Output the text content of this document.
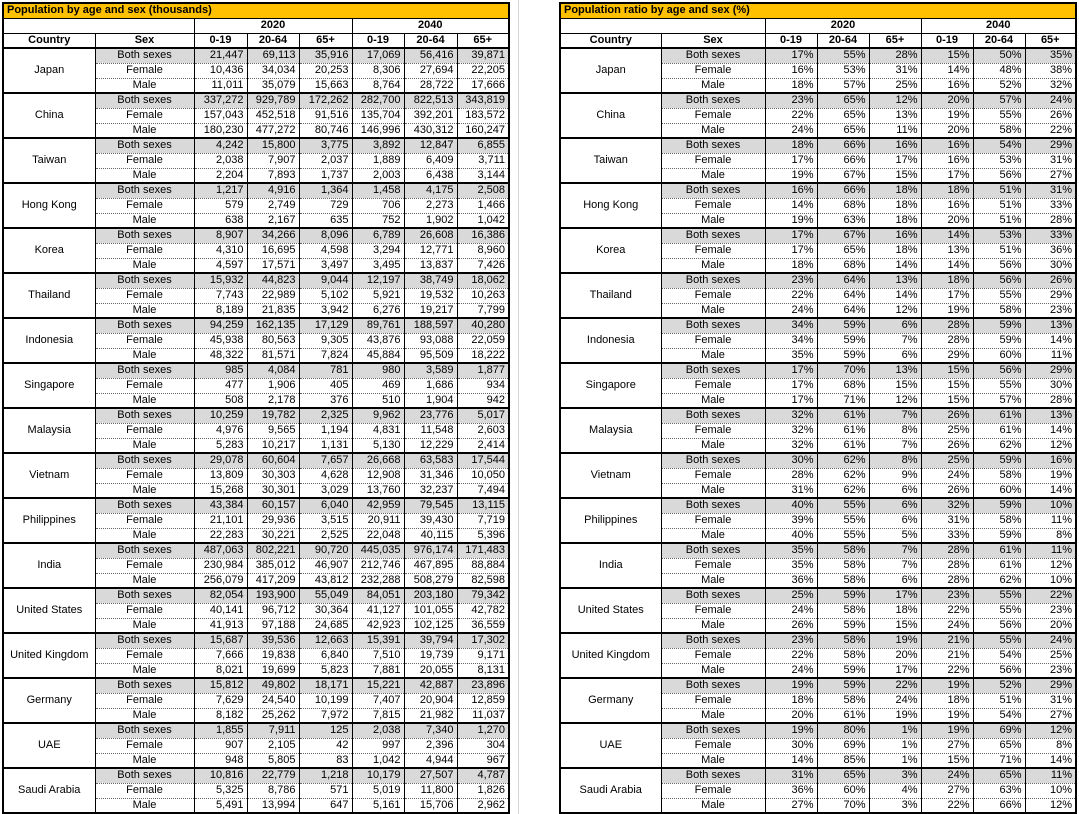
Population by age and sex (thousands)							
		2020			2040		
Country	Sex	0-19	20-64	65+	0-19	20-64	65+
Japan	Both sexes	21,447	69,113	35,916	17,069	56,416	39,871
	Female	10,436	34,034	20,253	8,306	27,694	22,205
	Male	11,011	35,079	15,663	8,764	28,722	17,666
China	Both sexes	337,272	929,789	172,262	282,700	822,513	343,819
	Female	157,043	452,518	91,516	135,704	392,201	183,572
	Male	180,230	477,272	80,746	146,996	430,312	160,247
Taiwan	Both sexes	4,242	15,800	3,775	3,892	12,847	6,855
	Female	2,038	7,907	2,037	1,889	6,409	3,711
	Male	2,204	7,893	1,737	2,003	6,438	3,144
Hong Kong	Both sexes	1,217	4,916	1,364	1,458	4,175	2,508
	Female	579	2,749	729	706	2,273	1,466
	Male	638	2,167	635	752	1,902	1,042
Korea	Both sexes	8,907	34,266	8,096	6,789	26,608	16,386
	Female	4,310	16,695	4,598	3,294	12,771	8,960
	Male	4,597	17,571	3,497	3,495	13,837	7,426
Thailand	Both sexes	15,932	44,823	9,044	12,197	38,749	18,062
	Female	7,743	22,989	5,102	5,921	19,532	10,263
	Male	8,189	21,835	3,942	6,276	19,217	7,799
Indonesia	Both sexes	94,259	162,135	17,129	89,761	188,597	40,280
	Female	45,938	80,563	9,305	43,876	93,088	22,059
	Male	48,322	81,571	7,824	45,884	95,509	18,222
Singapore	Both sexes	985	4,084	781	980	3,589	1,877
	Female	477	1,906	405	469	1,686	934
	Male	508	2,178	376	510	1,904	942
Malaysia	Both sexes	10,259	19,782	2,325	9,962	23,776	5,017
	Female	4,976	9,565	1,194	4,831	11,548	2,603
	Male	5,283	10,217	1,131	5,130	12,229	2,414
Vietnam	Both sexes	29,078	60,604	7,657	26,668	63,583	17,544
	Female	13,809	30,303	4,628	12,908	31,346	10,050
	Male	15,268	30,301	3,029	13,760	32,237	7,494
Philippines	Both sexes	43,384	60,157	6,040	42,959	79,545	13,115
	Female	21,101	29,936	3,515	20,911	39,430	7,719
	Male	22,283	30,221	2,525	22,048	40,115	5,396
India	Both sexes	487,063	802,221	90,720	445,035	976,174	171,483
	Female	230,984	385,012	46,907	212,746	467,895	88,884
	Male	256,079	417,209	43,812	232,288	508,279	82,598
United States	Both sexes	82,054	193,900	55,049	84,051	203,180	79,342
	Female	40,141	96,712	30,364	41,127	101,055	42,782
	Male	41,913	97,188	24,685	42,923	102,125	36,559
United Kingdom	Both sexes	15,687	39,536	12,663	15,391	39,794	17,302
	Female	7,666	19,838	6,840	7,510	19,739	9,171
	Male	8,021	19,699	5,823	7,881	20,055	8,131
Germany	Both sexes	15,812	49,802	18,171	15,221	42,887	23,896
	Female	7,629	24,540	10,199	7,407	20,904	12,859
	Male	8,182	25,262	7,972	7,815	21,982	11,037
UAE	Both sexes	1,855	7,911	125	2,038	7,340	1,270
	Female	907	2,105	42	997	2,396	304
	Male	948	5,805	83	1,042	4,944	967
Saudi Arabia	Both sexes	10,816	22,779	1,218	10,179	27,507	4,787
	Female	5,325	8,786	571	5,019	11,800	1,826
	Male	5,491	13,994	647	5,161	15,706	2,962
Population ratio by age and sex (%)							
		2020			2040		
Country	Sex	0-19	20-64	65+	0-19	20-64	65+
Japan	Both sexes	17%	55%	28%	15%	50%	35%
	Female	16%	53%	31%	14%	48%	38%
	Male	18%	57%	25%	16%	52%	32%
China	Both sexes	23%	65%	12%	20%	57%	24%
	Female	22%	65%	13%	19%	55%	26%
	Male	24%	65%	11%	20%	58%	22%
Taiwan	Both sexes	18%	66%	16%	16%	54%	29%
	Female	17%	66%	17%	16%	53%	31%
	Male	19%	67%	15%	17%	56%	27%
Hong Kong	Both sexes	16%	66%	18%	18%	51%	31%
	Female	14%	68%	18%	16%	51%	33%
	Male	19%	63%	18%	20%	51%	28%
Korea	Both sexes	17%	67%	16%	14%	53%	33%
	Female	17%	65%	18%	13%	51%	36%
	Male	18%	68%	14%	14%	56%	30%
Thailand	Both sexes	23%	64%	13%	18%	56%	26%
	Female	22%	64%	14%	17%	55%	29%
	Male	24%	64%	12%	19%	58%	23%
Indonesia	Both sexes	34%	59%	6%	28%	59%	13%
	Female	34%	59%	7%	28%	59%	14%
	Male	35%	59%	6%	29%	60%	11%
Singapore	Both sexes	17%	70%	13%	15%	56%	29%
	Female	17%	68%	15%	15%	55%	30%
	Male	17%	71%	12%	15%	57%	28%
Malaysia	Both sexes	32%	61%	7%	26%	61%	13%
	Female	32%	61%	8%	25%	61%	14%
	Male	32%	61%	7%	26%	62%	12%
Vietnam	Both sexes	30%	62%	8%	25%	59%	16%
	Female	28%	62%	9%	24%	58%	19%
	Male	31%	62%	6%	26%	60%	14%
Philippines	Both sexes	40%	55%	6%	32%	59%	10%
	Female	39%	55%	6%	31%	58%	11%
	Male	40%	55%	5%	33%	59%	8%
India	Both sexes	35%	58%	7%	28%	61%	11%
	Female	35%	58%	7%	28%	61%	12%
	Male	36%	58%	6%	28%	62%	10%
United States	Both sexes	25%	59%	17%	23%	55%	22%
	Female	24%	58%	18%	22%	55%	23%
	Male	26%	59%	15%	24%	56%	20%
United Kingdom	Both sexes	23%	58%	19%	21%	55%	24%
	Female	22%	58%	20%	21%	54%	25%
	Male	24%	59%	17%	22%	56%	23%
Germany	Both sexes	19%	59%	22%	19%	52%	29%
	Female	18%	58%	24%	18%	51%	31%
	Male	20%	61%	19%	19%	54%	27%
UAE	Both sexes	19%	80%	1%	19%	69%	12%
	Female	30%	69%	1%	27%	65%	8%
	Male	14%	85%	1%	15%	71%	14%
Saudi Arabia	Both sexes	31%	65%	3%	24%	65%	11%
	Female	36%	60%	4%	27%	63%	10%
	Male	27%	70%	3%	22%	66%	12%
